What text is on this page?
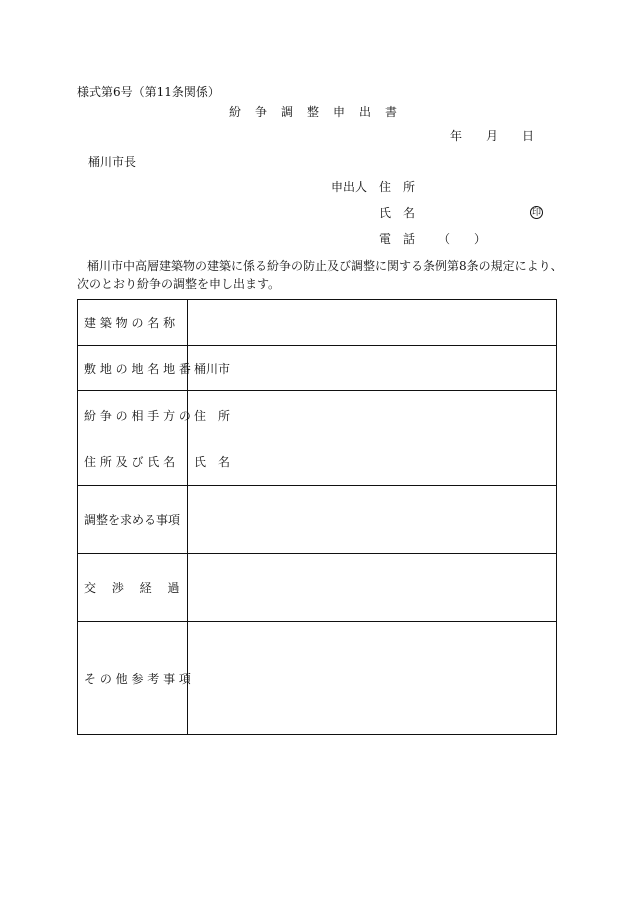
様式第6号（第11条関係）
紛　争　調　整　申　出　書
年　　月　　日
桶川市長
申出人 住　所
氏　名	印
電　話 （　　）
桶川市中高層建築物の建築に係る紛争の防止及び調整に関する条例第8条の規定により、
次のとおり紛争の調整を申し出ます。
建 築 物 の 名 称	

敷 地 の 地 名 地 番	桶川市

紛 争 の 相 手 方 の
住 所 及 び 氏 名	住　所
氏　名

調整を求める事項	

交　 渉　 経　 過	

そ の 他 参 考 事 項	
